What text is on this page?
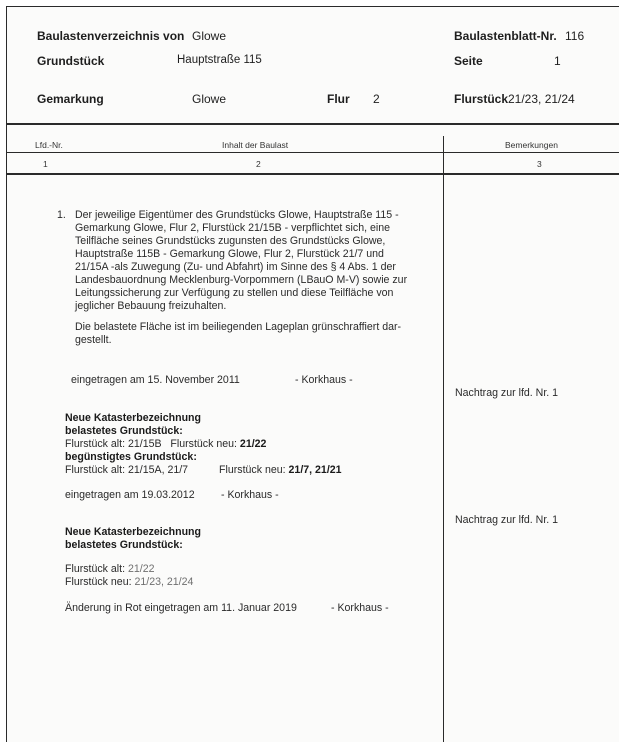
Baulastenverzeichnis von Glowe	Baulastenblatt-Nr. 116
Grundstück	Hauptstraße 115	Seite	1
Gemarkung	Glowe	Flur 2	Flurstück 21/23, 21/24
Lfd.-Nr.	Inhalt der Baulast	Bemerkungen
1	2	3
1. Der jeweilige Eigentümer des Grundstücks Glowe, Hauptstraße 115 -
Gemarkung Glowe, Flur 2, Flurstück 21/15B - verpflichtet sich, eine
Teilfläche seines Grundstücks zugunsten des Grundstücks Glowe,
Hauptstraße 115B - Gemarkung Glowe, Flur 2, Flurstück 21/7 und
21/15A -als Zuwegung (Zu- und Abfahrt) im Sinne des § 4 Abs. 1 der
Landesbauordnung Mecklenburg-Vorpommern (LBauO M-V) sowie zur
Leitungssicherung zur Verfügung zu stellen und diese Teilfläche von
jeglicher Bebauung freizuhalten.
Die belastete Fläche ist im beiliegenden Lageplan grünschraffiert dar-
gestellt.
eingetragen am 15. November 2011	- Korkhaus -
Nachtrag zur lfd. Nr. 1
Neue Katasterbezeichnung
belastetes Grundstück:
Flurstück alt: 21/15B Flurstück neu: 21/22
begünstigtes Grundstück:
Flurstück alt: 21/15A, 21/7	Flurstück neu: 21/7, 21/21
eingetragen am 19.03.2012 - Korkhaus -
Nachtrag zur lfd. Nr. 1
Neue Katasterbezeichnung
belastetes Grundstück:
Flurstück alt: 21/22
Flurstück neu: 21/23, 21/24
Änderung in Rot eingetragen am 11. Januar 2019	- Korkhaus -
